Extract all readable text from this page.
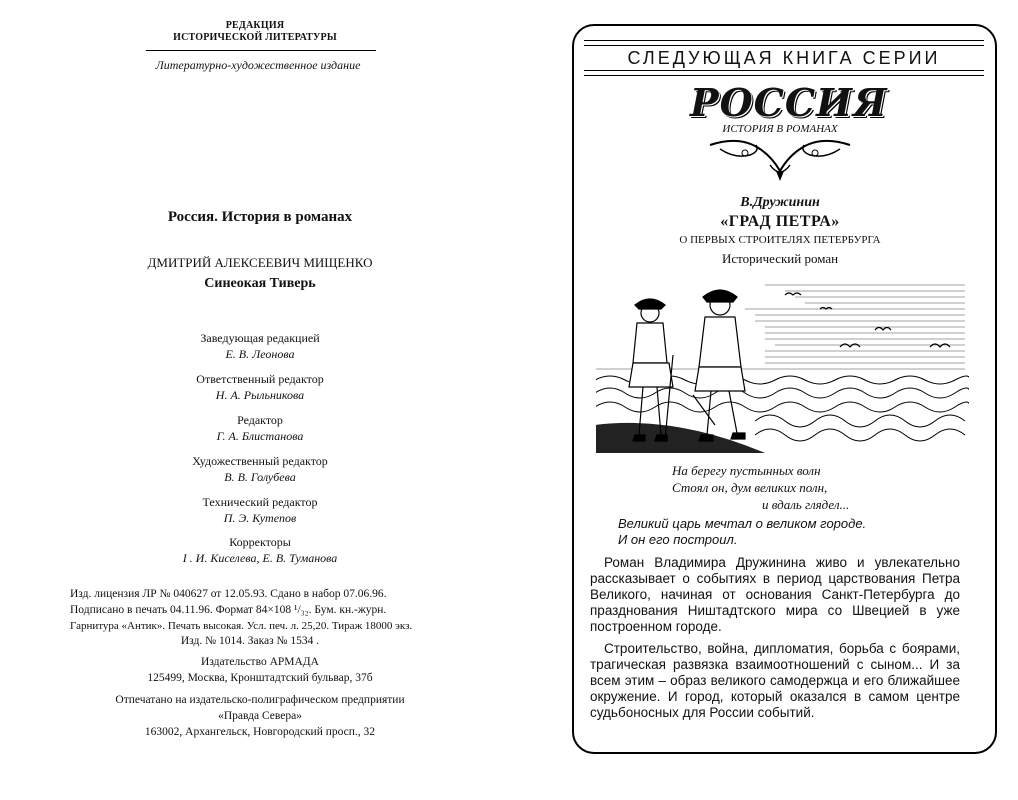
РЕДАКЦИЯ
ИСТОРИЧЕСКОЙ ЛИТЕРАТУРЫ
Литературно-художественное издание
Россия. История в романах
ДМИТРИЙ АЛЕКСЕЕВИЧ МИЩЕНКО
Синеокая Тиверь
Заведующая редакцией
Е. В. Леонова
Ответственный редактор
Н. А. Рыльникова
Редактор
Г. А. Блистанова
Художественный редактор
В. В. Голубева
Технический редактор
П. Э. Кутепов
Корректоры
І . И. Киселева, Е. В. Туманова
Изд. лицензия ЛР № 040627 от 12.05.93. Сдано в набор 07.06.96.
Подписано в печать 04.11.96. Формат 84×108 ¹/₃₂. Бум. кн.-журн.
Гарнитура «Антик». Печать высокая. Усл. печ. л. 25,20. Тираж 18000 экз.
Изд. № 1014. Заказ № 1534 .
Издательство АРМАДА
125499, Москва, Кронштадтский бульвар, 37б
Отпечатано на издательско-полиграфическом предприятии
«Правда Севера»
163002, Архангельск, Новгородский просп., 32
СЛЕДУЮЩАЯ КНИГА СЕРИИ
РОССИЯ
ИСТОРИЯ В РОМАНАХ
В.Дружинин
«ГРАД ПЕТРА»
О ПЕРВЫХ СТРОИТЕЛЯХ ПЕТЕРБУРГА
Исторический роман
На берегу пустынных волн
Стоял он, дум великих полн,
и вдаль глядел...
Великий царь мечтал о великом городе.
И он его построил.

Роман Владимира Дружинина живо и увлекательно рассказывает о событиях в период царствования Петра Великого, начиная от основания Санкт-Петербурга до празднования Ништадтского мира со Швецией в уже построенном городе.

Строительство, война, дипломатия, борьба с боярами, трагическая развязка взаимоотношений с сыном... И за всем этим – образ великого самодержца и его ближайшее окружение. И город, который оказался в самом центре судьбоносных для России событий.
